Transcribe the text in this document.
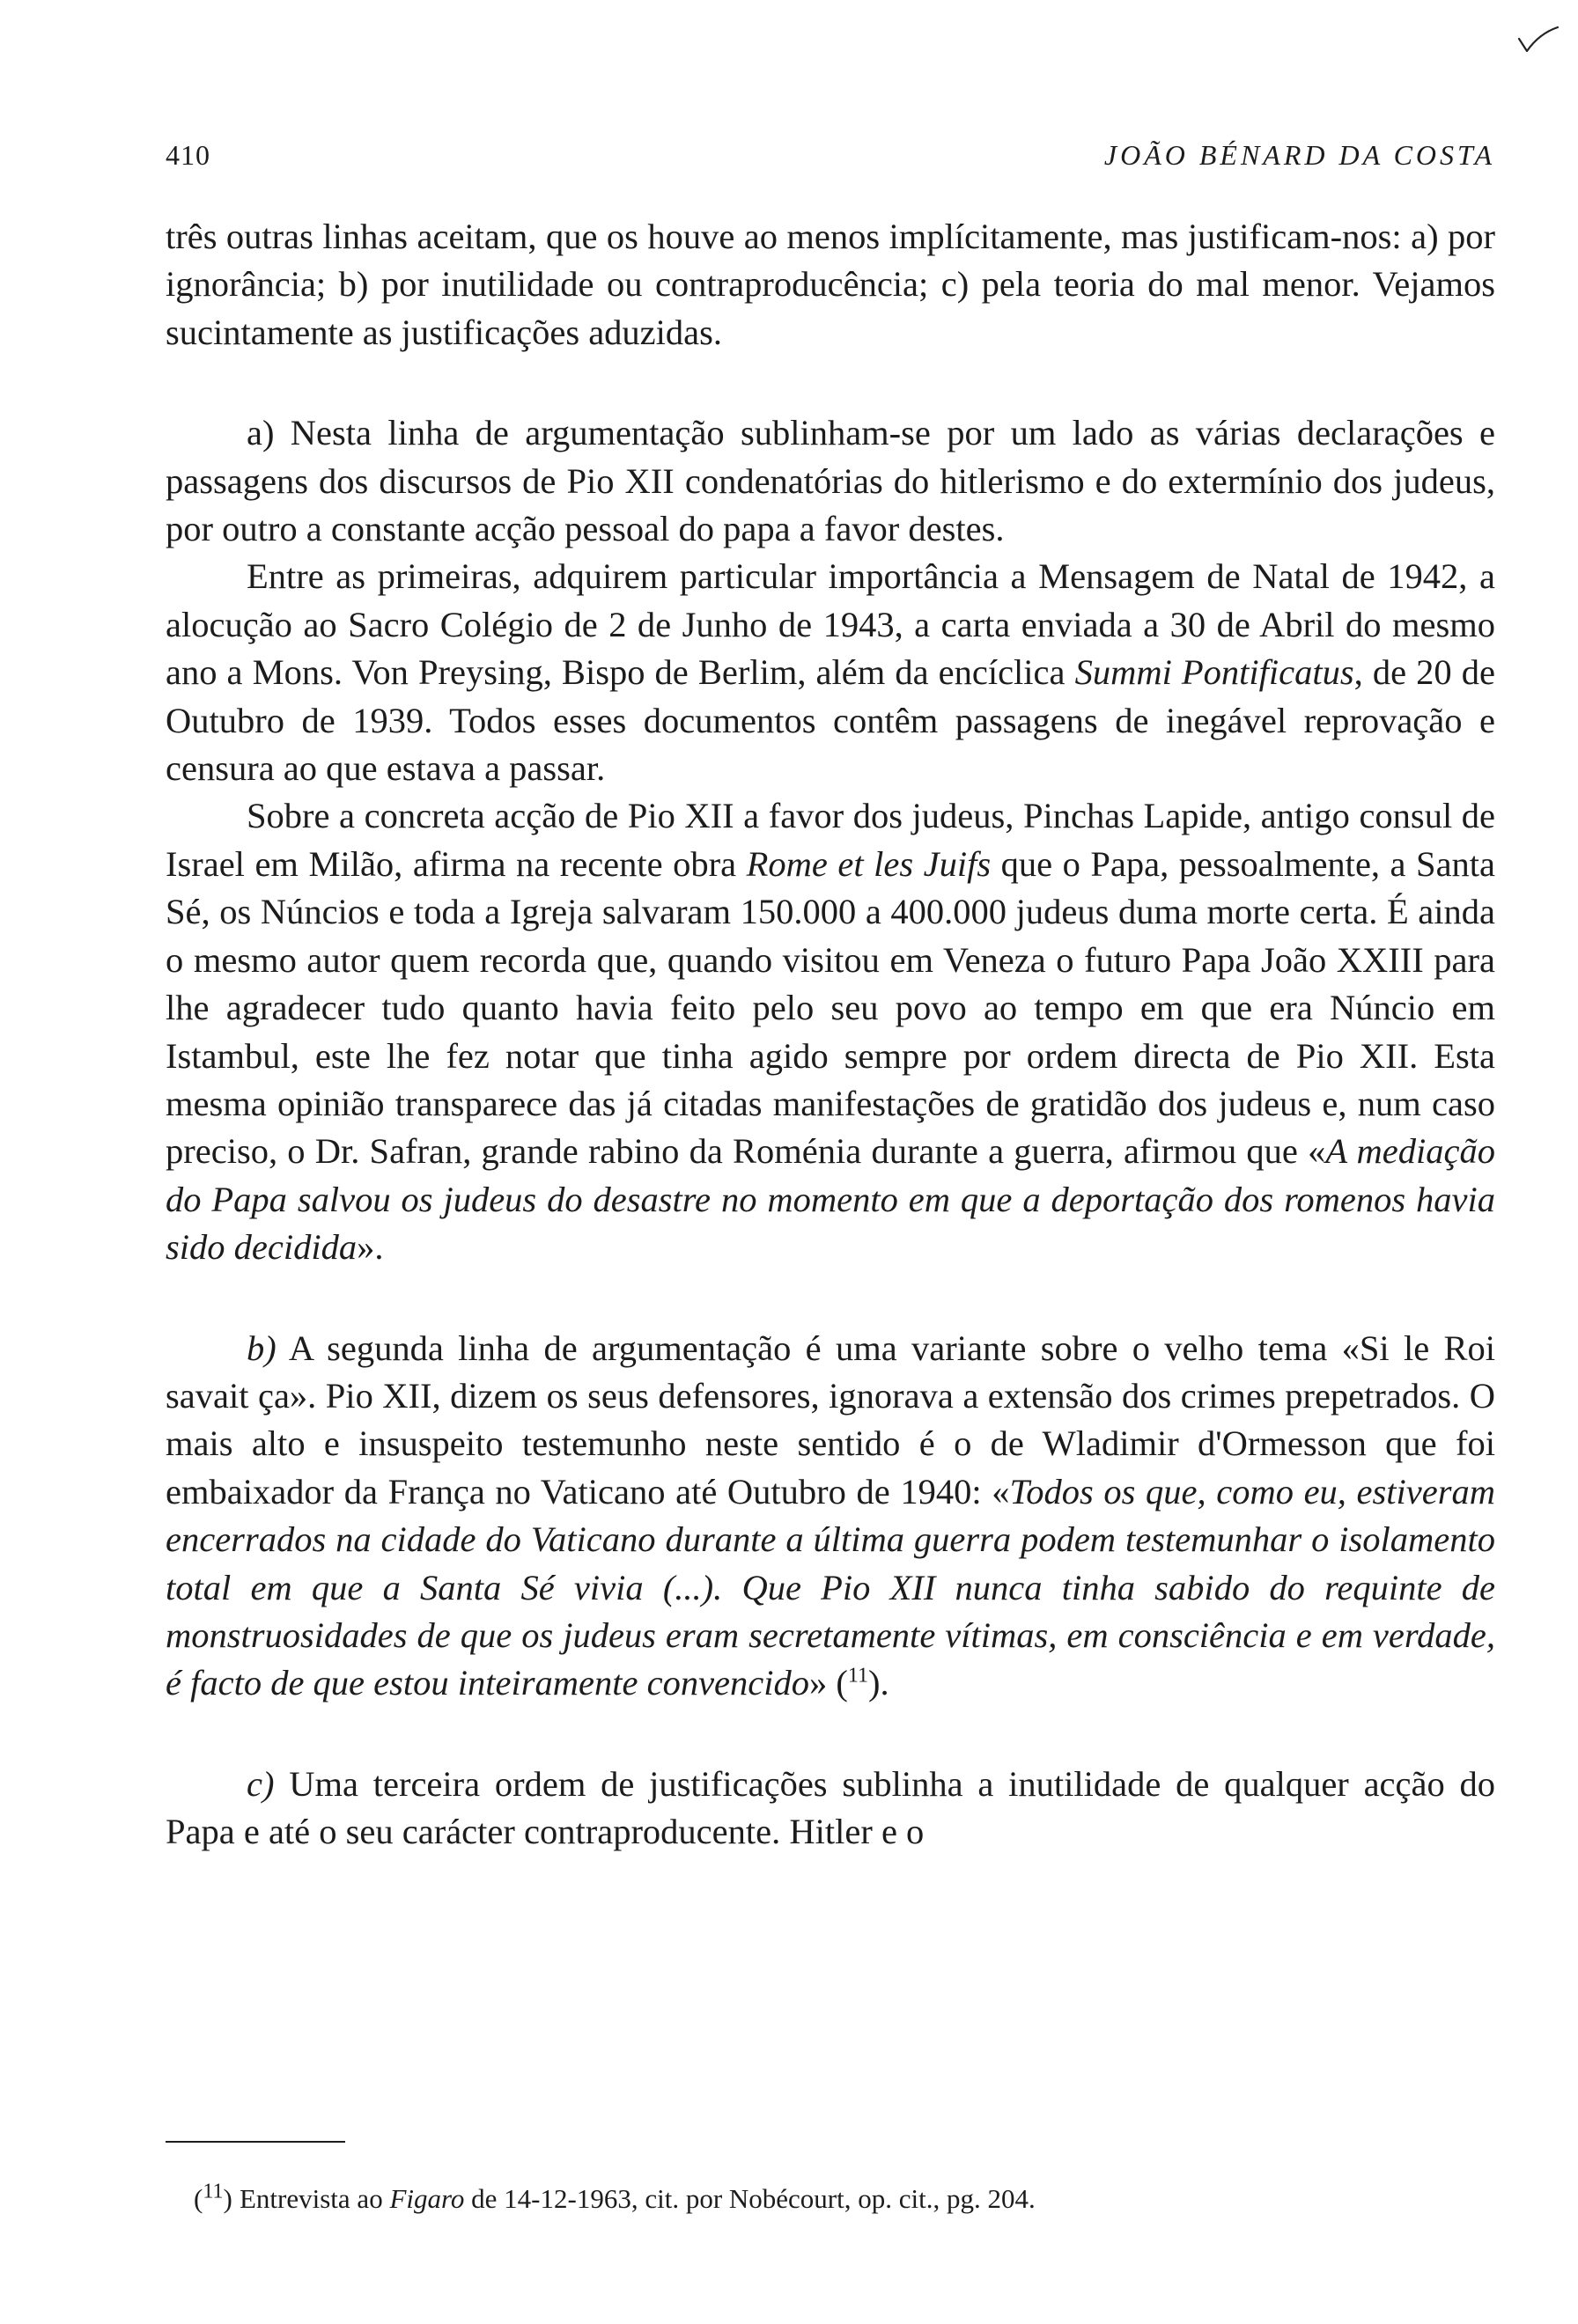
410	JOÃO BÉNARD DA COSTA

três outras linhas aceitam, que os houve ao menos implícitamente, mas justificam-nos: a) por ignorância; b) por inutilidade ou contraproducência; c) pela teoria do mal menor. Vejamos sucintamente as justificações aduzidas.

a) Nesta linha de argumentação sublinham-se por um lado as várias declarações e passagens dos discursos de Pio XII condenatórias do hitlerismo e do extermínio dos judeus, por outro a constante acção pessoal do papa a favor destes.

Entre as primeiras, adquirem particular importância a Mensagem de Natal de 1942, a alocução ao Sacro Colégio de 2 de Junho de 1943, a carta enviada a 30 de Abril do mesmo ano a Mons. Von Preysing, Bispo de Berlim, além da encíclica Summi Pontificatus, de 20 de Outubro de 1939. Todos esses documentos contêm passagens de inegável reprovação e censura ao que estava a passar.

Sobre a concreta acção de Pio XII a favor dos judeus, Pinchas Lapide, antigo consul de Israel em Milão, afirma na recente obra Rome et les Juifs que o Papa, pessoalmente, a Santa Sé, os Núncios e toda a Igreja salvaram 150.000 a 400.000 judeus duma morte certa. É ainda o mesmo autor quem recorda que, quando visitou em Veneza o futuro Papa João XXIII para lhe agradecer tudo quanto havia feito pelo seu povo ao tempo em que era Núncio em Istambul, este lhe fez notar que tinha agido sempre por ordem directa de Pio XII. Esta mesma opinião transparece das já citadas manifestações de gratidão dos judeus e, num caso preciso, o Dr. Safran, grande rabino da Roménia durante a guerra, afirmou que «A mediação do Papa salvou os judeus do desastre no momento em que a deportação dos romenos havia sido decidida».

b) A segunda linha de argumentação é uma variante sobre o velho tema «Si le Roi savait ça». Pio XII, dizem os seus defensores, ignorava a extensão dos crimes prepetrados. O mais alto e insuspeito testemunho neste sentido é o de Wladimir d'Ormesson que foi embaixador da França no Vaticano até Outubro de 1940: «Todos os que, como eu, estiveram encerrados na cidade do Vaticano durante a última guerra podem testemunhar o isolamento total em que a Santa Sé vivia (...). Que Pio XII nunca tinha sabido do requinte de monstruosidades de que os judeus eram secretamente vítimas, em consciência e em verdade, é facto de que estou inteiramente convencido» ($^{11}$).

c) Uma terceira ordem de justificações sublinha a inutilidade de qualquer acção do Papa e até o seu carácter contraproducente. Hitler e o

($^{11}$) Entrevista ao Figaro de 14-12-1963, cit. por Nobécourt, op. cit., pg. 204.
